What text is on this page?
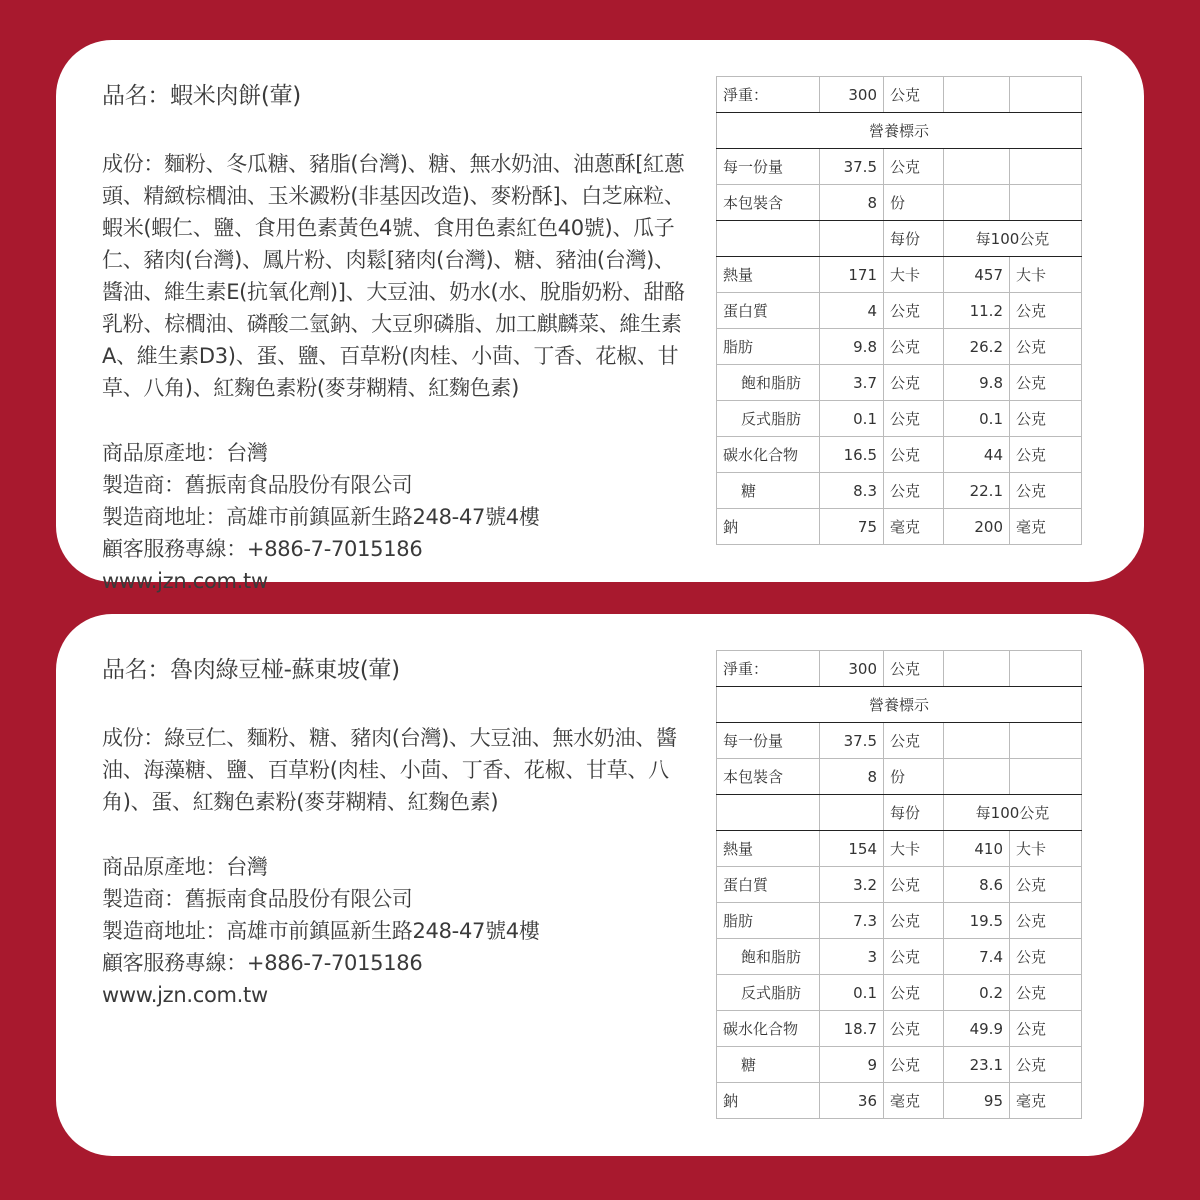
品名：蝦米肉餅(葷)

成份：麵粉、冬瓜糖、豬脂(台灣)、糖、無水奶油、油蔥酥[紅蔥頭、精緻棕櫚油、玉米澱粉(非基因改造)、麥粉酥]、白芝麻粒、蝦米(蝦仁、鹽、食用色素黃色4號、食用色素紅色40號)、瓜子仁、豬肉(台灣)、鳳片粉、肉鬆[豬肉(台灣)、糖、豬油(台灣)、醬油、維生素E(抗氧化劑)]、大豆油、奶水(水、脫脂奶粉、甜酪乳粉、棕櫚油、磷酸二氫鈉、大豆卵磷脂、加工麒麟菜、維生素A、維生素D3)、蛋、鹽、百草粉(肉桂、小茴、丁香、花椒、甘草、八角)、紅麴色素粉(麥芽糊精、紅麴色素)

商品原產地：台灣

製造商：舊振南食品股份有限公司

製造商地址：高雄市前鎮區新生路248-47號4樓

顧客服務專線：+886-7-7015186

www.jzn.com.tw

淨重：	300	公克		
營養標示				
每一份量	37.5	公克		
本包裝含	8	份		
		每份	每100公克	
熱量	171	大卡	457	大卡
蛋白質	4	公克	11.2	公克
脂肪	9.8	公克	26.2	公克
飽和脂肪	3.7	公克	9.8	公克
反式脂肪	0.1	公克	0.1	公克
碳水化合物	16.5	公克	44	公克
糖	8.3	公克	22.1	公克
鈉	75	毫克	200	毫克

品名：魯肉綠豆椪-蘇東坡(葷)

成份：綠豆仁、麵粉、糖、豬肉(台灣)、大豆油、無水奶油、醬油、海藻糖、鹽、百草粉(肉桂、小茴、丁香、花椒、甘草、八角)、蛋、紅麴色素粉(麥芽糊精、紅麴色素)

商品原產地：台灣

製造商：舊振南食品股份有限公司

製造商地址：高雄市前鎮區新生路248-47號4樓

顧客服務專線：+886-7-7015186

www.jzn.com.tw

淨重：	300	公克		
營養標示				
每一份量	37.5	公克		
本包裝含	8	份		
		每份	每100公克	
熱量	154	大卡	410	大卡
蛋白質	3.2	公克	8.6	公克
脂肪	7.3	公克	19.5	公克
飽和脂肪	3	公克	7.4	公克
反式脂肪	0.1	公克	0.2	公克
碳水化合物	18.7	公克	49.9	公克
糖	9	公克	23.1	公克
鈉	36	毫克	95	毫克
